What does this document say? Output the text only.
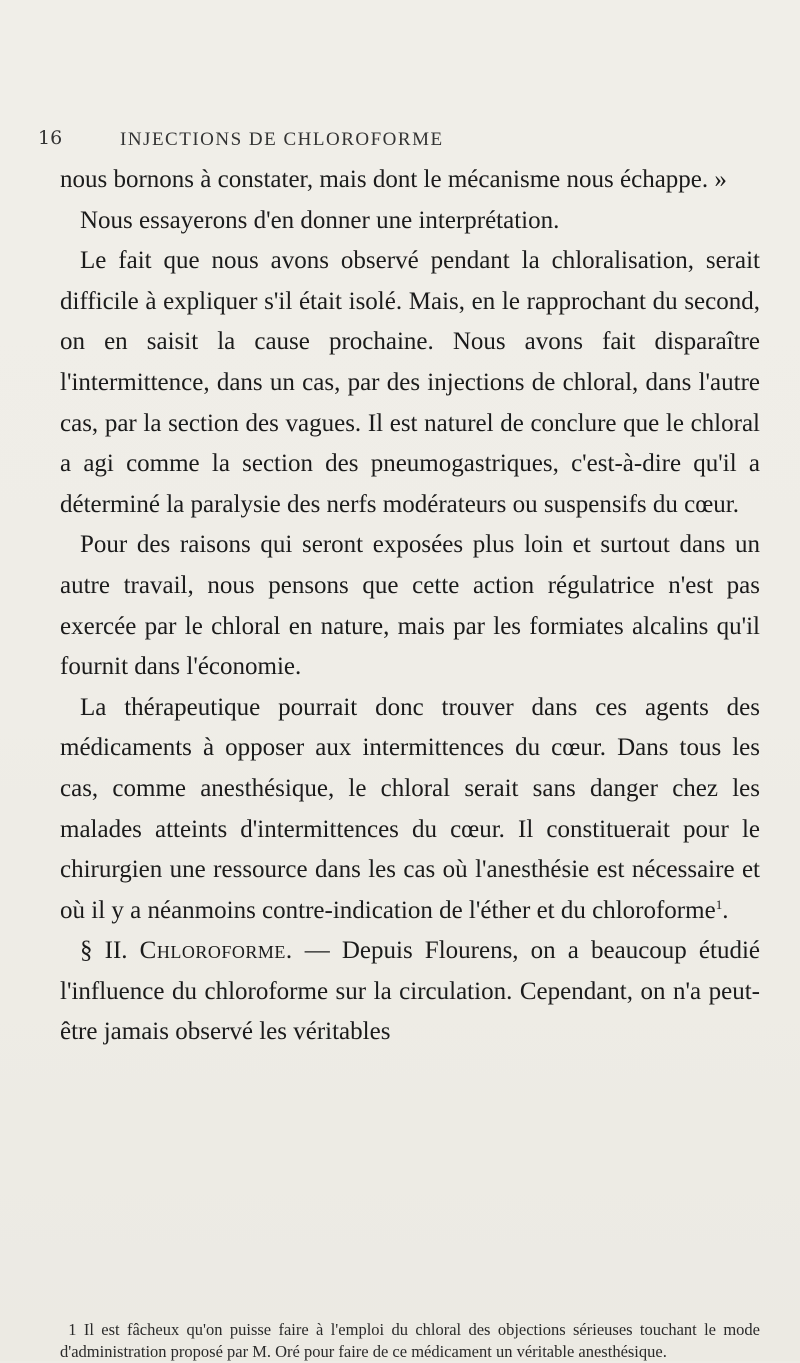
16	INJECTIONS DE CHLOROFORME

nous bornons à constater, mais dont le mécanisme nous échappe. »

Nous essayerons d'en donner une interprétation.

Le fait que nous avons observé pendant la chloralisation, serait difficile à expliquer s'il était isolé. Mais, en le rapprochant du second, on en saisit la cause prochaine. Nous avons fait disparaître l'intermittence, dans un cas, par des injections de chloral, dans l'autre cas, par la section des vagues. Il est naturel de conclure que le chloral a agi comme la section des pneumogastriques, c'est-à-dire qu'il a déterminé la paralysie des nerfs modérateurs ou suspensifs du cœur.

Pour des raisons qui seront exposées plus loin et surtout dans un autre travail, nous pensons que cette action régulatrice n'est pas exercée par le chloral en nature, mais par les formiates alcalins qu'il fournit dans l'économie.

La thérapeutique pourrait donc trouver dans ces agents des médicaments à opposer aux intermittences du cœur. Dans tous les cas, comme anesthésique, le chloral serait sans danger chez les malades atteints d'intermittences du cœur. Il constituerait pour le chirurgien une ressource dans les cas où l'anesthésie est nécessaire et où il y a néanmoins contre-indication de l'éther et du chloroforme$^1$.

§ II. Chloroforme. — Depuis Flourens, on a beaucoup étudié l'influence du chloroforme sur la circulation. Cependant, on n'a peut-être jamais observé les véritables

1 Il est fâcheux qu'on puisse faire à l'emploi du chloral des objections sérieuses touchant le mode d'administration proposé par M. Oré pour faire de ce médicament un véritable anesthésique.
